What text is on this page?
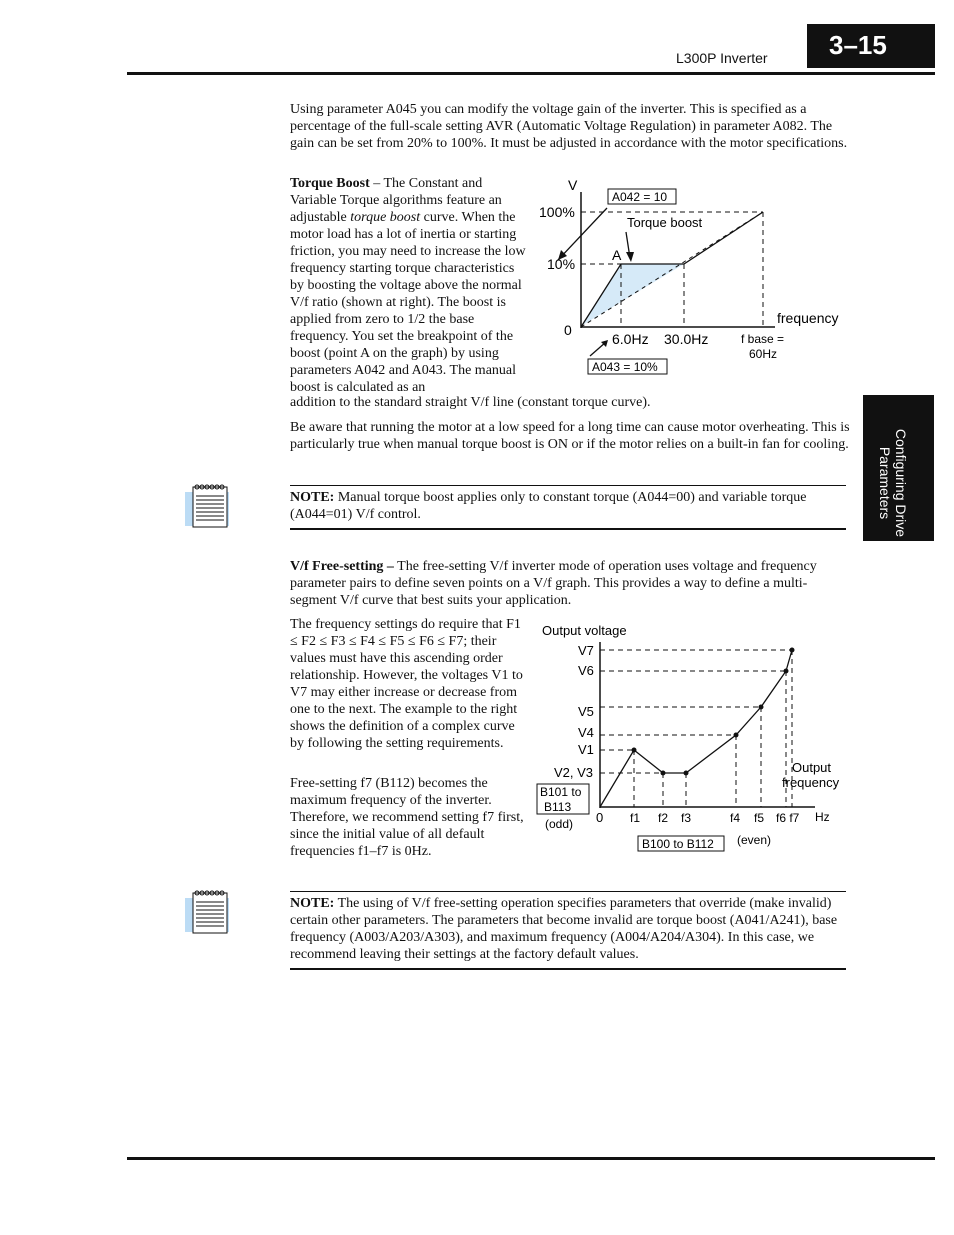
L300P Inverter	3–15
Configuring Drive Parameters

Using parameter A045 you can modify the voltage gain of the inverter. This is specified as a percentage of the full-scale setting AVR (Automatic Voltage Regulation) in parameter A082. The gain can be set from 20% to 100%. It must be adjusted in accordance with the motor specifications.

Torque Boost – The Constant and Variable Torque algorithms feature an adjustable torque boost curve. When the motor load has a lot of inertia or starting friction, you may need to increase the low frequency starting torque characteristics by boosting the voltage above the normal V/f ratio (shown at right). The boost is applied from zero to 1/2 the base frequency. You set the breakpoint of the boost (point A on the graph) by using parameters A042 and A043. The manual boost is calculated as an

addition to the standard straight V/f line (constant torque curve).

V
100%
10%
0
A042 = 10
Torque boost
A
6.0Hz 30.0Hz	f base =
60Hz
frequency
A043 = 10%

Be aware that running the motor at a low speed for a long time can cause motor overheating. This is particularly true when manual torque boost is ON or if the motor relies on a built-in fan for cooling.

NOTE: Manual torque boost applies only to constant torque (A044=00) and variable torque (A044=01) V/f control.

V/f Free-setting – The free-setting V/f inverter mode of operation uses voltage and frequency parameter pairs to define seven points on a V/f graph. This provides a way to define a multi-segment V/f curve that best suits your application.

The frequency settings do require that F1 ≤ F2 ≤ F3 ≤ F4 ≤ F5 ≤ F6 ≤ F7; their values must have this ascending order relationship. However, the voltages V1 to V7 may either increase or decrease from one to the next. The example to the right shows the definition of a complex curve by following the setting requirements.

Free-setting f7 (B112) becomes the maximum frequency of the inverter. Therefore, we recommend setting f7 first, since the initial value of all default frequencies f1–f7 is 0Hz.

Output voltage
V7
V6
V5
V4
V1
V2, V3
B101 to
B113
(odd) 0 f1 f2 f3	f4 f5 f6 f7 Hz
Output
frequency
B100 to B112 (even)

NOTE: The using of V/f free-setting operation specifies parameters that override (make invalid) certain other parameters. The parameters that become invalid are torque boost (A041/A241), base frequency (A003/A203/A303), and maximum frequency (A004/A204/A304). In this case, we recommend leaving their settings at the factory default values.
